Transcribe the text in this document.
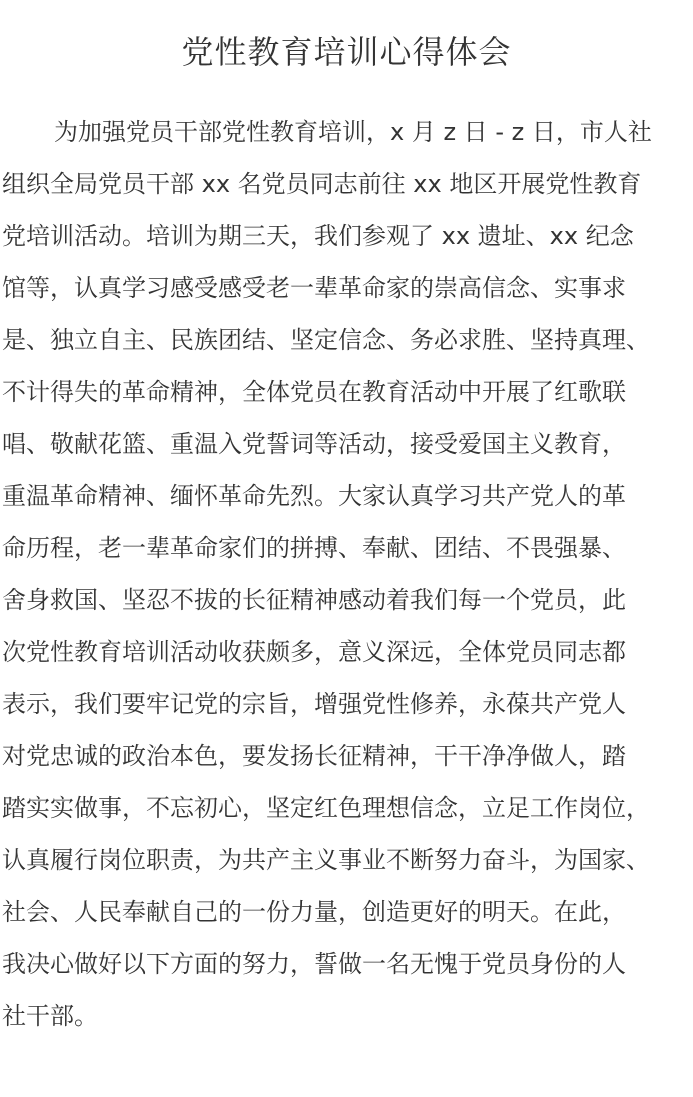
党性教育培训心得体会

为加强党员干部党性教育培训，x 月 z 日 - z 日，市人社

组织全局党员干部 xx 名党员同志前往 xx 地区开展党性教育

党培训活动。培训为期三天，我们参观了 xx 遗址、xx 纪念

馆等，认真学习感受感受老一辈革命家的崇高信念、实事求

是、独立自主、民族团结、坚定信念、务必求胜、坚持真理、

不计得失的革命精神，全体党员在教育活动中开展了红歌联

唱、敬献花篮、重温入党誓词等活动，接受爱国主义教育，

重温革命精神、缅怀革命先烈。大家认真学习共产党人的革

命历程，老一辈革命家们的拼搏、奉献、团结、不畏强暴、

舍身救国、坚忍不拔的长征精神感动着我们每一个党员，此

次党性教育培训活动收获颇多，意义深远，全体党员同志都

表示，我们要牢记党的宗旨，增强党性修养，永葆共产党人

对党忠诚的政治本色，要发扬长征精神，干干净净做人，踏

踏实实做事，不忘初心，坚定红色理想信念，立足工作岗位，

认真履行岗位职责，为共产主义事业不断努力奋斗，为国家、

社会、人民奉献自己的一份力量，创造更好的明天。在此，

我决心做好以下方面的努力，誓做一名无愧于党员身份的人

社干部。
